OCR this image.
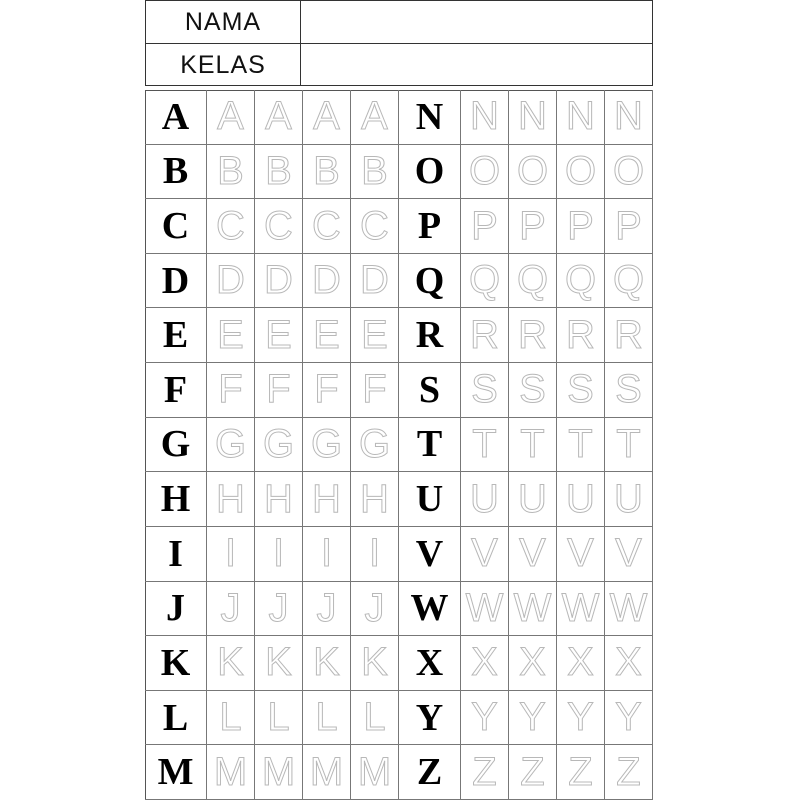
NAMA
KELAS
A A A A A N N N N N
B B B B B O O O O O
C C C C C P P P P P
D D D D D Q Q Q Q Q
E E E E E R R R R R
F F F F F S S S S S
G G G G G T T T T T
H H H H H U U U U U
I	I I I I V V V V V
J J J J J W W W W W
K K K K K X X X X X
L L L L L Y Y Y Y Y
M M M M M Z Z Z Z Z
